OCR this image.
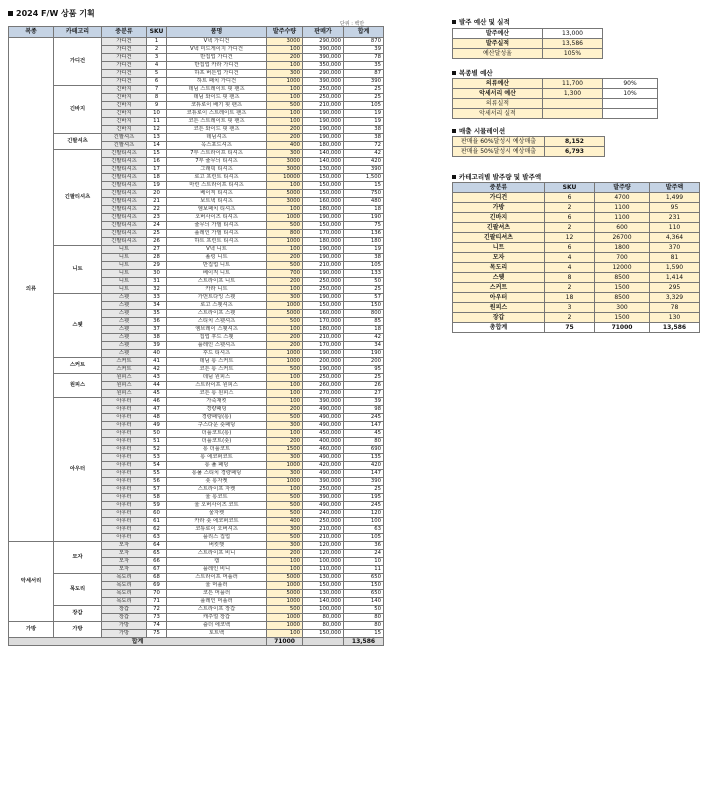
2024 F/W 상품 기획
단위 : 백만
복종	카테고리	중분류	SKU	품명	발주수량	판매가	합계
의류	가디건	가디건	1	V넥 가디건	3000	290,000	870
		가디건	2	V넥 미드게이지 가디건	100	390,000	39
		가디건	3	반집업 가디건	200	390,000	78
		가디건	4	반집업 카라 가디건	100	350,000	35
		가디건	5	하프 버튼업 가디건	300	290,000	87
		가디건	6	하트 패치 가디건	1000	390,000	390
	긴바지	긴바지	7	데님 스트레이트 핏 팬츠	100	250,000	25
		긴바지	8	데님 와이드 핏 팬츠	100	250,000	25
		긴바지	9	코듀로이 배기 핏 팬츠	500	210,000	105
		긴바지	10	코듀로이 스트레이트 팬츠	100	190,000	19
		긴바지	11	코튼 스트레이트 핏 팬츠	100	190,000	19
		긴바지	12	코튼 와이드 핏 팬츠	200	190,000	38
	긴팔셔츠	긴팔셔츠	13	데님셔츠	200	190,000	38
		긴팔셔츠	14	옥스포드셔츠	400	180,000	72
	긴팔티셔츠	긴팔티셔츠	15	7부 스트라이프 티셔츠	300	140,000	42
		긴팔티셔츠	16	7부 줄무늬 티셔츠	3000	140,000	420
		긴팔티셔츠	17	그래픽 티셔츠	3000	130,000	390
		긴팔티셔츠	18	로고 프린트 티셔츠	10000	150,000	1,500
		긴팔티셔츠	19	마린 스트라이프 티셔츠	100	150,000	15
		긴팔티셔츠	20	베이직 티셔츠	5000	150,000	750
		긴팔티셔츠	21	보트넥 티셔츠	3000	160,000	480
		긴팔티셔츠	22	엠보패치 티셔츠	100	180,000	18
		긴팔티셔츠	23	오버사이즈 티셔츠	1000	190,000	190
		긴팔티셔츠	24	줄무늬 가필 티셔츠	500	150,000	75
		긴팔티셔츠	25	플레인 가필 티셔츠	800	170,000	136
		긴팔티셔츠	26	하트 프린트 티셔츠	1000	180,000	180
	니트	니트	27	V넥 니트	100	190,000	19
		니트	28	폴링 니트	200	190,000	38
		니트	29	반집업 니트	500	210,000	105
		니트	30	베이직 니트	700	190,000	133
		니트	31	스트라이프 니트	200	250,000	50
		니트	32	카라 니트	100	250,000	25
	스웻	스웻	33	가먼트다잉 스웻	300	190,000	57
		스웻	34	로고 스웻셔츠	1000	150,000	150
		스웻	35	스트라이프 스웻	5000	160,000	800
		스웻	36	스티치 스웻셔츠	500	170,000	85
		스웻	37	엠브레이 스웻셔츠	100	180,000	18
		스웻	38	집업 후드 스웻	200	210,000	42
		스웻	39	플레인 스웻셔츠	200	170,000	34
		스웻	40	후드 티셔츠	1000	190,000	190
	스커트	스커트	41	데님 롱 스커트	1000	200,000	200
		스커트	42	코튼 롱 스커트	500	190,000	95
	원피스	원피스	43	데님 원피스	100	250,000	25
		원피스	44	스트라이프 원피스	100	260,000	26
		원피스	45	코튼 롱 원피스	100	270,000	27
	아우터	아우터	46	가죽재킷	100	390,000	39
		아우터	47	경량패딩	200	490,000	98
		아우터	48	경량패딩(롱)	500	490,000	245
		아우터	49	구스다운 숏패딩	300	490,000	147
		아우터	50	더플코트(롱)	100	450,000	45
		아우터	51	더플코트(숏)	200	400,000	80
		아우터	52	롱 더플코트	1500	460,000	690
		아우터	53	롱 에코퍼코트	300	490,000	135
		아우터	54	롱 풀 패딩	1000	420,000	420
		아우터	55	롱풀 스티치 경량패딩	300	490,000	147
		아우터	56	숏 롱자켓	1000	390,000	390
		아우터	57	스트라이프 자켓	100	250,000	25
		아우터	58	울 롱코트	500	390,000	195
		아우터	59	울 오버사이즈 코트	500	490,000	245
		아우터	60	울자켓	500	240,000	120
		아우터	61	카라 숏 에코퍼코트	400	250,000	100
		아우터	62	코듀로이 오버셔츠	300	210,000	63
		아우터	63	플리스 집업	500	210,000	105
악세서리	모자	모자	64	버킷햇	300	120,000	36
		모자	65	스트라이프 비니	200	120,000	24
		모자	66	캡	100	100,000	10
		모자	67	플레인 비니	100	110,000	11
	목도리	목도리	68	스트라이프 머플러	5000	130,000	650
		목도리	69	울 머플러	1000	150,000	150
		목도리	70	코튼 머플러	5000	130,000	650
		목도리	71	플레인 머플러	1000	140,000	140
	장갑	장갑	72	스트라이프 장갑	500	100,000	50
		장갑	73	캐주얼 장갑	1000	80,000	80
가방	가방	가방	74	숄더 에코백	1000	80,000	80
		가방	75	토트백	100	150,000	15
합계					71000		13,586
발주 예산 및 실적
발주예산	13,000
발주실적	13,586
예산달성율	105%
복종별 예산
의류예산	11,700	90%
악세서리 예산	1,300	10%
의류실적		
악세서리 실적		
매출 시뮬레이션
판매율 60%달성시 예상매출	8,152
판매율 50%달성시 예상매출	6,793
카테고리별 발주량 및 발주액
중분류	SKU	발주량	발주액
가디건	6	4700	1,499
가방	2	1100	95
긴바지	6	1100	231
긴팔셔츠	2	600	110
긴팔티셔츠	12	26700	4,364
니트	6	1800	370
모자	4	700	81
목도리	4	12000	1,590
스웻	8	8500	1,414
스커트	2	1500	295
아우터	18	8500	3,329
원피스	3	300	78
장갑	2	1500	130
총합계	75	71000	13,586
